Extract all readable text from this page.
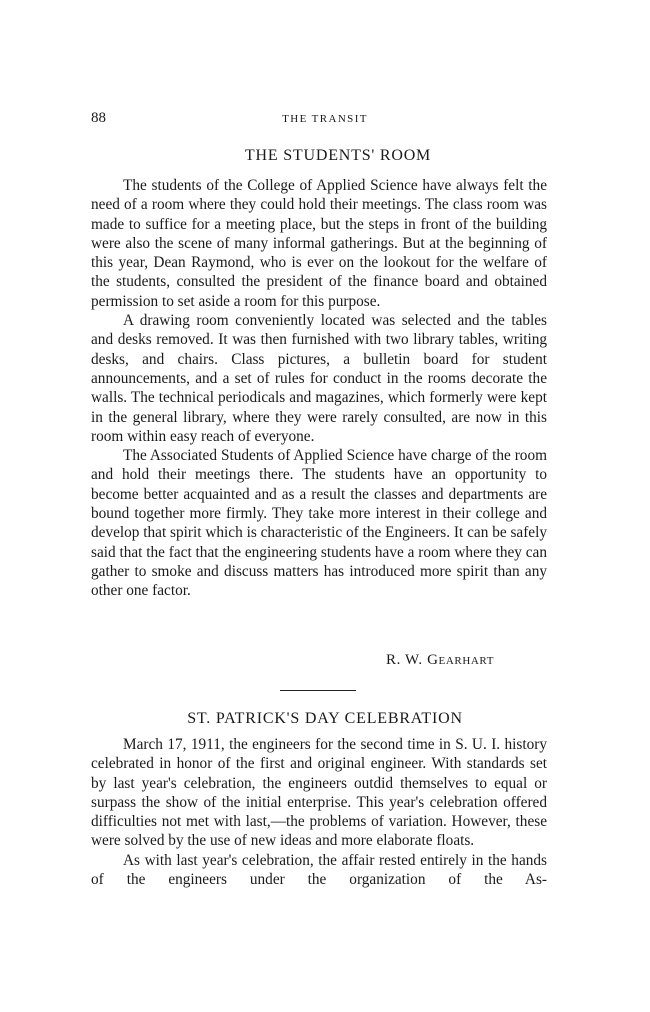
88	THE TRANSIT
THE STUDENTS' ROOM

The students of the College of Applied Science have always felt the need of a room where they could hold their meetings. The class room was made to suffice for a meeting place, but the steps in front of the building were also the scene of many informal gatherings. But at the beginning of this year, Dean Raymond, who is ever on the lookout for the welfare of the students, consulted the president of the finance board and obtained permission to set aside a room for this purpose.

A drawing room conveniently located was selected and the tables and desks removed. It was then furnished with two library tables, writing desks, and chairs. Class pictures, a bulletin board for student announcements, and a set of rules for conduct in the rooms decorate the walls. The technical periodicals and magazines, which formerly were kept in the general library, where they were rarely consulted, are now in this room within easy reach of everyone.

The Associated Students of Applied Science have charge of the room and hold their meetings there. The students have an opportunity to become better acquainted and as a result the classes and departments are bound together more firmly. They take more interest in their college and develop that spirit which is characteristic of the Engineers. It can be safely said that the fact that the engineering students have a room where they can gather to smoke and discuss matters has introduced more spirit than any other one factor.

R. W. Gearhart
ST. PATRICK'S DAY CELEBRATION

March 17, 1911, the engineers for the second time in S. U. I. history celebrated in honor of the first and original engineer. With standards set by last year's celebration, the engineers outdid themselves to equal or surpass the show of the initial enterprise. This year's celebration offered difficulties not met with last,—the problems of variation. However, these were solved by the use of new ideas and more elaborate floats.

As with last year's celebration, the affair rested entirely in the hands of the engineers under the organization of the As-
